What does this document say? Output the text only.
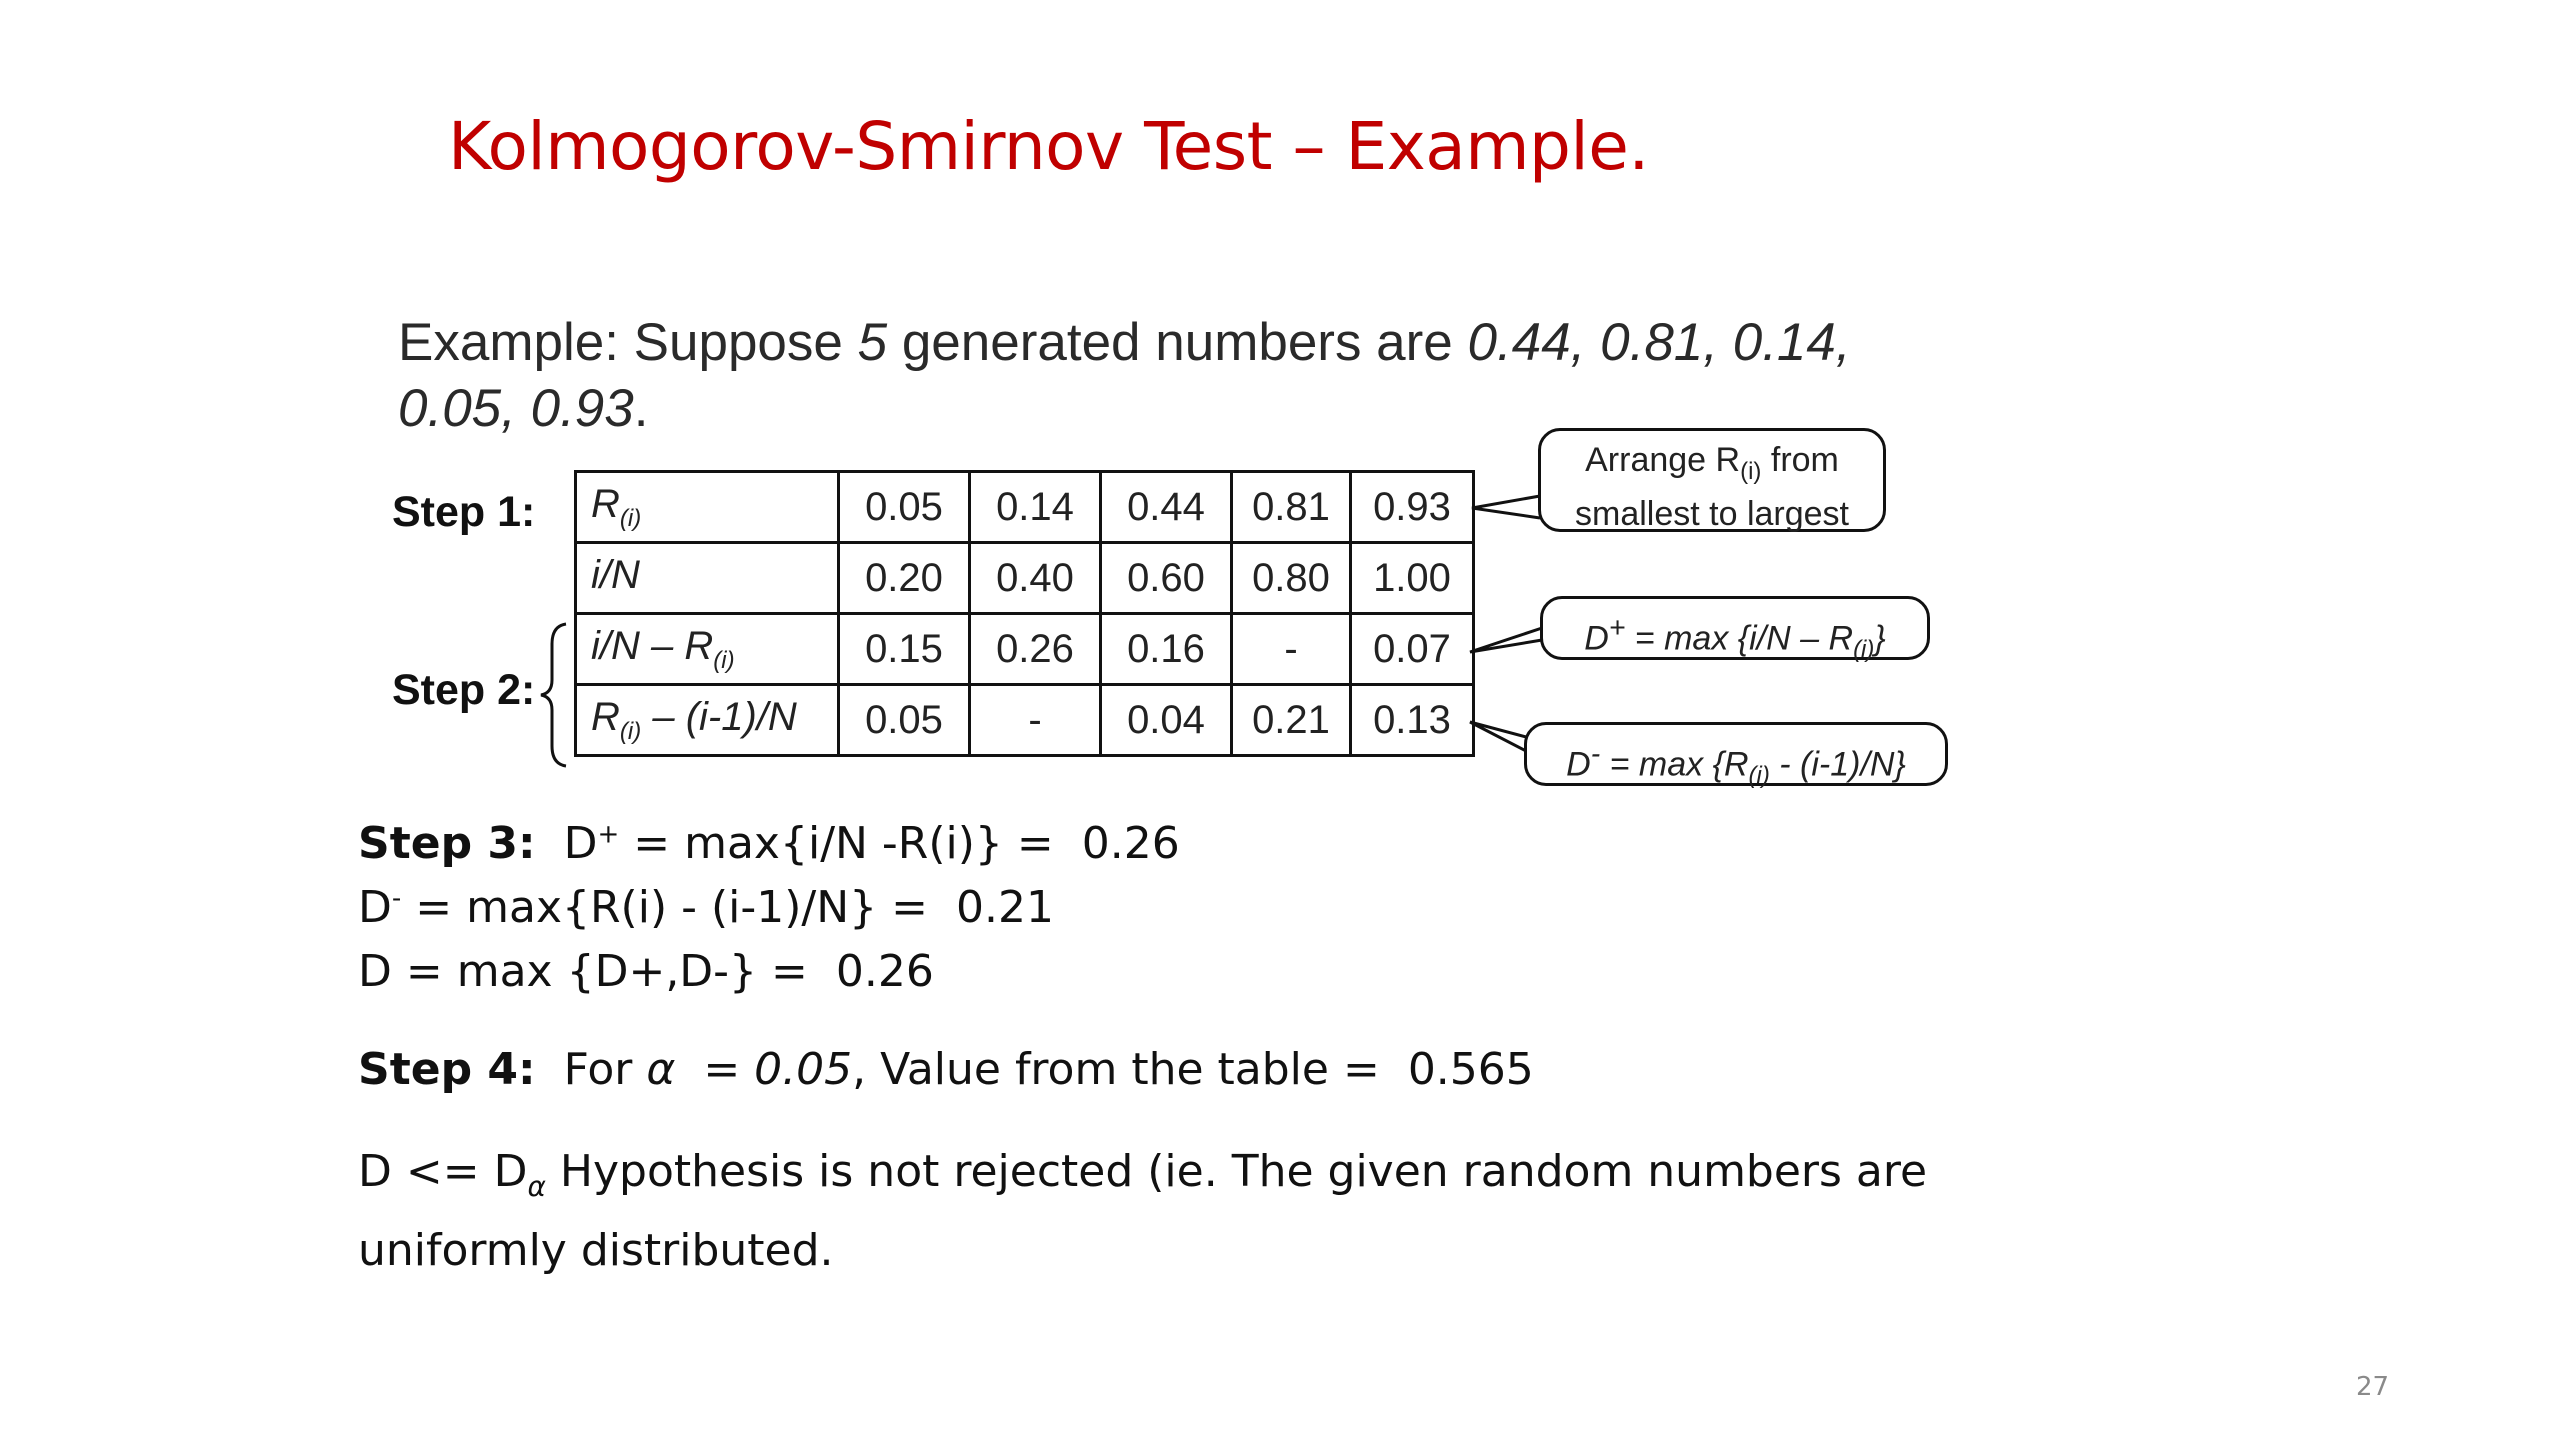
Kolmogorov-Smirnov Test – Example.
Example: Suppose 5 generated numbers are 0.44, 0.81, 0.14,
0.05, 0.93.
Step 1:
Step 2:
$R_{(i)}$	0.05	0.14	0.44	0.81	0.93
i/N	0.20	0.40	0.60	0.80	1.00
$i/N - R_{(i)}$	0.15	0.26	0.16	-	0.07
$R_{(i)} - (i-1)/N$	0.05	-	0.04	0.21	0.13
Arrange $R_{(i)}$ from
smallest to largest
$D^+ = \max \{i/N - R_{(i)}\}$
$D^- = \max \{R_{(i)} - (i-1)/N\}$
Step 3: D+ = max{i/N -R(i)} =  0.26
D- = max{R(i) - (i-1)/N} =  0.21
D = max {D+,D-} =  0.26
Step 4: For α  = 0.05, Value from the table =  0.565
$D <= D_\alpha$ Hypothesis is not rejected (ie. The given random numbers are uniformly distributed.
27
